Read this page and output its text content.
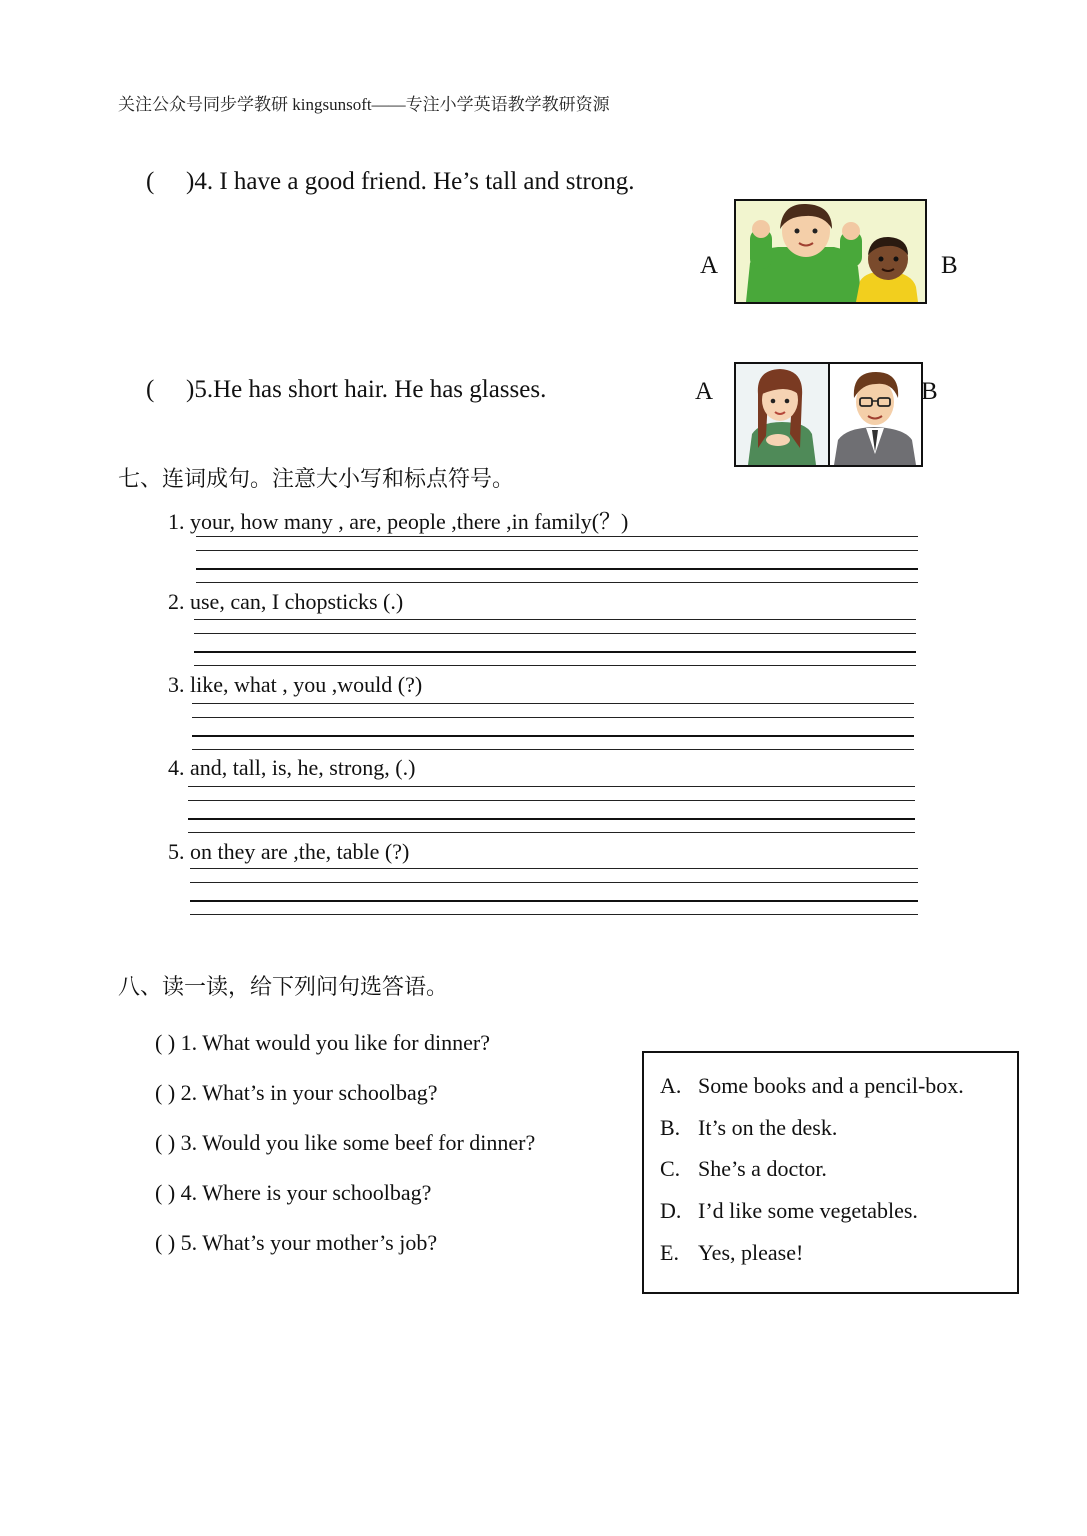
关注公众号同步学教研 kingsunsoft——专注小学英语教学教研资源
( )4. I have a good friend. He’s tall and strong.
A	B
( )5.He has short hair. He has glasses.	A	B
七、连词成句。注意大小写和标点符号。
1. your, how many , are, people ,there ,in family(？)
2. use, can, I chopsticks (.)
3. like, what , you ,would (?)
4. and, tall, is, he, strong, (.)
5. on they are ,the, table (?)
八、读一读，给下列问句选答语。
( ) 1. What would you like for dinner?
( ) 2. What’s in your schoolbag?
( ) 3. Would you like some beef for dinner?
( ) 4. Where is your schoolbag?
( ) 5. What’s your mother’s job?
A. Some books and a pencil-box.
B. It’s on the desk.
C. She’s a doctor.
D. I’d like some vegetables.
E. Yes, please!
